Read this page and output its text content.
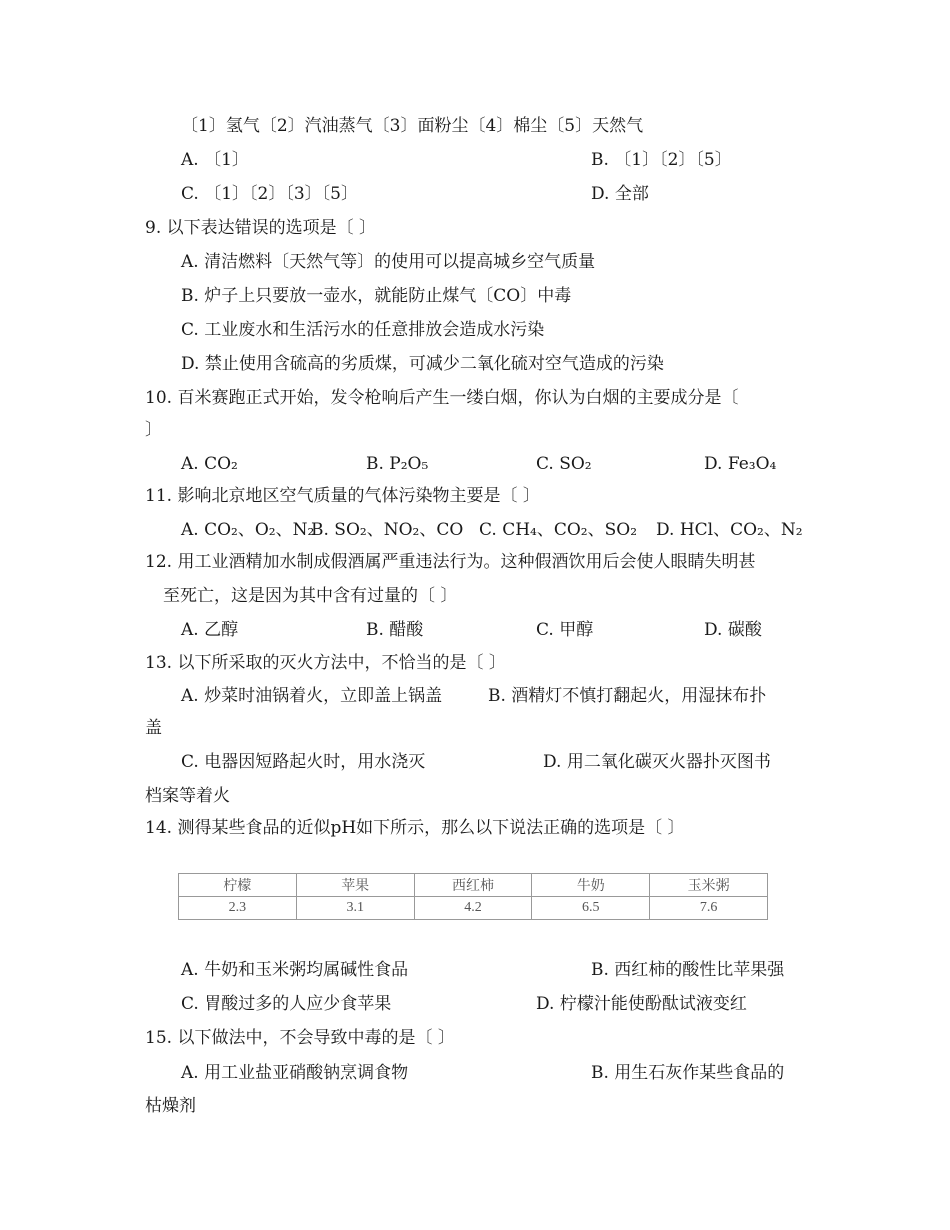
〔1〕氢气〔2〕汽油蒸气〔3〕面粉尘〔4〕棉尘〔5〕天然气
A. 〔1〕	B. 〔1〕〔2〕〔5〕
C. 〔1〕〔2〕〔3〕〔5〕	D. 全部
9. 以下表达错误的选项是〔 〕
A. 清洁燃料〔天然气等〕的使用可以提高城乡空气质量
B. 炉子上只要放一壶水，就能防止煤气〔CO〕中毒
C. 工业废水和生活污水的任意排放会造成水污染
D. 禁止使用含硫高的劣质煤，可减少二氧化硫对空气造成的污染
10. 百米赛跑正式开始，发令枪响后产生一缕白烟，你认为白烟的主要成分是〔
〕
A. CO₂	B. P₂O₅	C. SO₂	D. Fe₃O₄
11. 影响北京地区空气质量的气体污染物主要是〔 〕
A. CO₂、O₂、N₂
B. SO₂、NO₂、CO C. CH₄、CO₂、SO₂ D. HCl、CO₂、N₂
12. 用工业酒精加水制成假酒属严重违法行为。这种假酒饮用后会使人眼睛失明甚
至死亡，这是因为其中含有过量的〔 〕
A. 乙醇	B. 醋酸	C. 甲醇	D. 碳酸
13. 以下所采取的灭火方法中，不恰当的是〔 〕
A. 炒菜时油锅着火，立即盖上锅盖	B. 酒精灯不慎打翻起火，用湿抹布扑
盖
C. 电器因短路起火时，用水浇灭	D. 用二氧化碳灭火器扑灭图书
档案等着火
14. 测得某些食品的近似pH如下所示，那么以下说法正确的选项是〔 〕
柠檬	苹果	西红柿	牛奶	玉米粥
2.3	3.1	4.2	6.5	7.6
A. 牛奶和玉米粥均属碱性食品	B. 西红柿的酸性比苹果强
C. 胃酸过多的人应少食苹果	D. 柠檬汁能使酚酞试液变红
15. 以下做法中，不会导致中毒的是〔 〕
A. 用工业盐亚硝酸钠烹调食物	B. 用生石灰作某些食品的
枯燥剂
